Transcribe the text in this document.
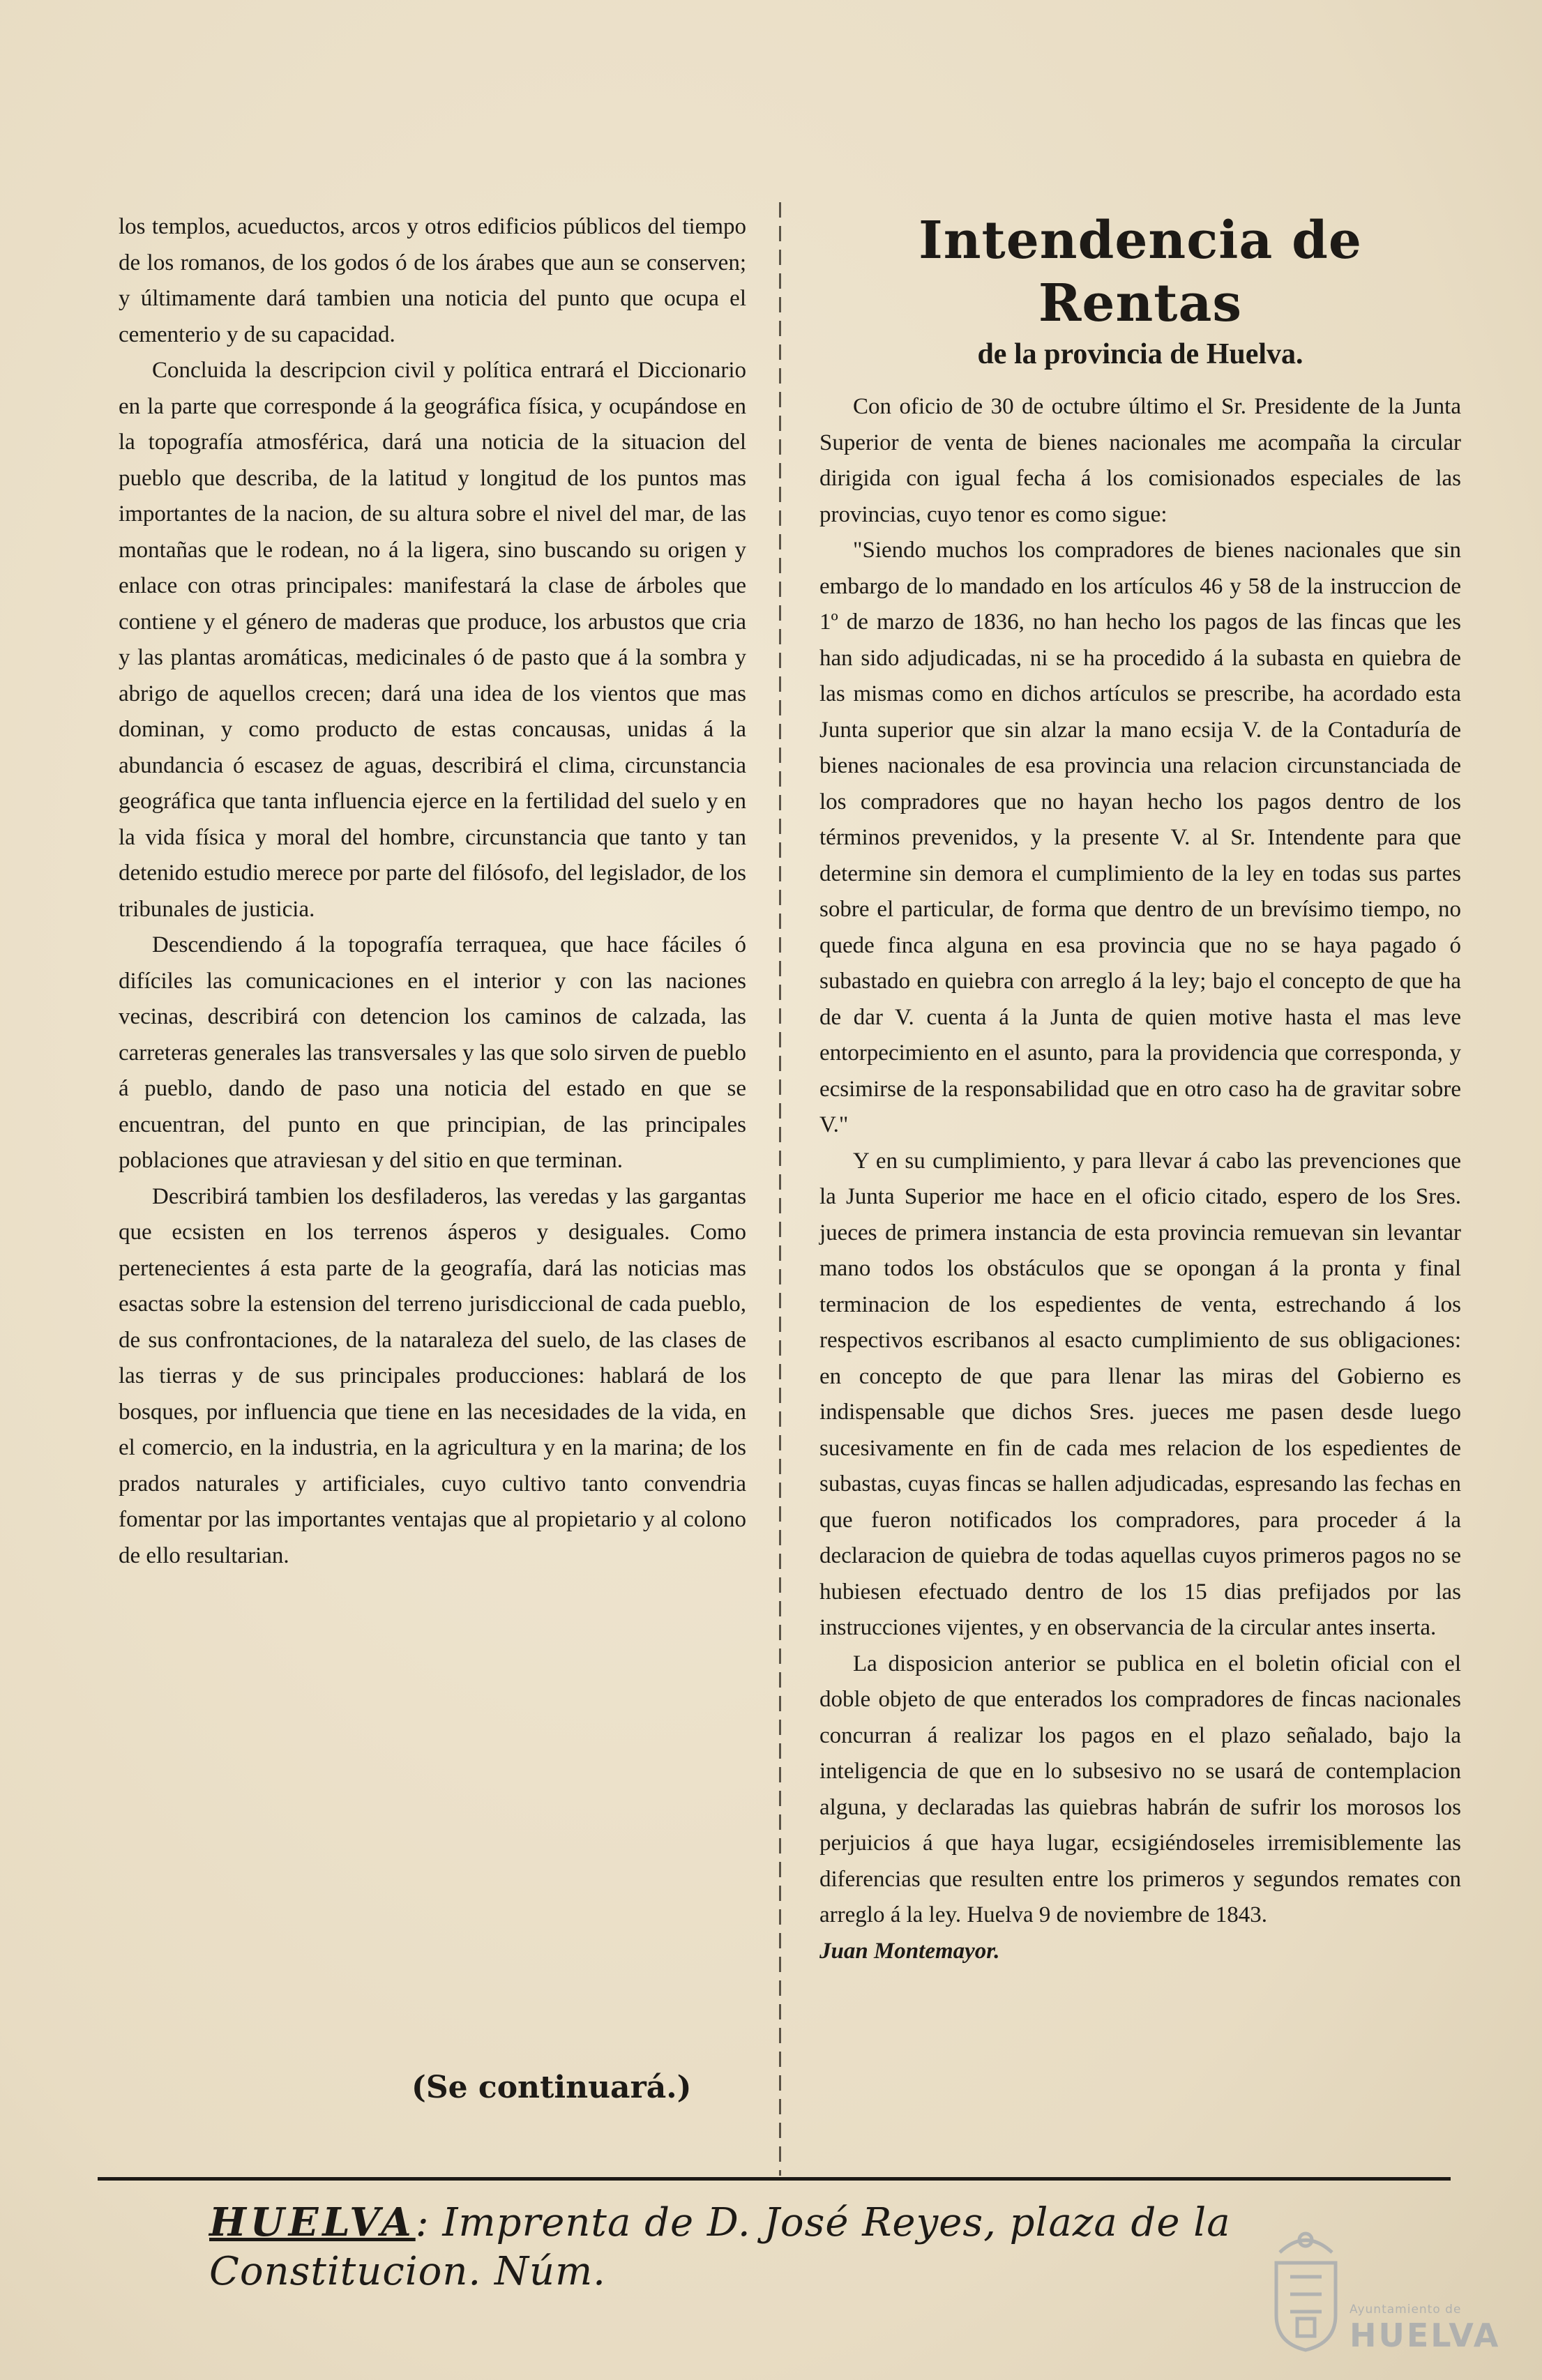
los templos, acueductos, arcos y otros edificios públicos del tiempo de los romanos, de los godos ó de los árabes que aun se conserven; y últimamente dará tambien una noticia del punto que ocupa el cementerio y de su capacidad.

Concluida la descripcion civil y política entrará el Diccionario en la parte que corresponde á la geográfica física, y ocupándose en la topografía atmosférica, dará una noticia de la situacion del pueblo que describa, de la latitud y longitud de los puntos mas importantes de la nacion, de su altura sobre el nivel del mar, de las montañas que le rodean, no á la ligera, sino buscando su origen y enlace con otras principales: manifestará la clase de árboles que contiene y el género de maderas que produce, los arbustos que cria y las plantas aromáticas, medicinales ó de pasto que á la sombra y abrigo de aquellos crecen; dará una idea de los vientos que mas dominan, y como producto de estas concausas, unidas á la abundancia ó escasez de aguas, describirá el clima, circunstancia geográfica que tanta influencia ejerce en la fertilidad del suelo y en la vida física y moral del hombre, circunstancia que tanto y tan detenido estudio merece por parte del filósofo, del legislador, de los tribunales de justicia.

Descendiendo á la topografía terraquea, que hace fáciles ó difíciles las comunicaciones en el interior y con las naciones vecinas, describirá con detencion los caminos de calzada, las carreteras generales las transversales y las que solo sirven de pueblo á pueblo, dando de paso una noticia del estado en que se encuentran, del punto en que principian, de las principales poblaciones que atraviesan y del sitio en que terminan.

Describirá tambien los desfiladeros, las veredas y las gargantas que ecsisten en los terrenos ásperos y desiguales. Como pertenecientes á esta parte de la geografía, dará las noticias mas esactas sobre la estension del terreno jurisdiccional de cada pueblo, de sus confrontaciones, de la nataraleza del suelo, de las clases de las tierras y de sus principales producciones: hablará de los bosques, por influencia que tiene en las necesidades de la vida, en el comercio, en la industria, en la agricultura y en la marina; de los prados naturales y artificiales, cuyo cultivo tanto convendria fomentar por las importantes ventajas que al propietario y al colono de ello resultarian.

(Se continuará.)
Intendencia de Rentas
de la provincia de Huelva.

Con oficio de 30 de octubre último el Sr. Presidente de la Junta Superior de venta de bienes nacionales me acompaña la circular dirigida con igual fecha á los comisionados especiales de las provincias, cuyo tenor es como sigue:

"Siendo muchos los compradores de bienes nacionales que sin embargo de lo mandado en los artículos 46 y 58 de la instruccion de 1º de marzo de 1836, no han hecho los pagos de las fincas que les han sido adjudicadas, ni se ha procedido á la subasta en quiebra de las mismas como en dichos artículos se prescribe, ha acordado esta Junta superior que sin alzar la mano ecsija V. de la Contaduría de bienes nacionales de esa provincia una relacion circunstanciada de los compradores que no hayan hecho los pagos dentro de los términos prevenidos, y la presente V. al Sr. Intendente para que determine sin demora el cumplimiento de la ley en todas sus partes sobre el particular, de forma que dentro de un brevísimo tiempo, no quede finca alguna en esa provincia que no se haya pagado ó subastado en quiebra con arreglo á la ley; bajo el concepto de que ha de dar V. cuenta á la Junta de quien motive hasta el mas leve entorpecimiento en el asunto, para la providencia que corresponda, y ecsimirse de la responsabilidad que en otro caso ha de gravitar sobre V."

Y en su cumplimiento, y para llevar á cabo las prevenciones que la Junta Superior me hace en el oficio citado, espero de los Sres. jueces de primera instancia de esta provincia remuevan sin levantar mano todos los obstáculos que se opongan á la pronta y final terminacion de los espedientes de venta, estrechando á los respectivos escribanos al esacto cumplimiento de sus obligaciones: en concepto de que para llenar las miras del Gobierno es indispensable que dichos Sres. jueces me pasen desde luego sucesivamente en fin de cada mes relacion de los espedientes de subastas, cuyas fincas se hallen adjudicadas, espresando las fechas en que fueron notificados los compradores, para proceder á la declaracion de quiebra de todas aquellas cuyos primeros pagos no se hubiesen efectuado dentro de los 15 dias prefijados por las instrucciones vijentes, y en observancia de la circular antes inserta.

La disposicion anterior se publica en el boletin oficial con el doble objeto de que enterados los compradores de fincas nacionales concurran á realizar los pagos en el plazo señalado, bajo la inteligencia de que en lo subsesivo no se usará de contemplacion alguna, y declaradas las quiebras habrán de sufrir los morosos los perjuicios á que haya lugar, ecsigiéndoseles irremisiblemente las diferencias que resulten entre los primeros y segundos remates con arreglo á la ley. Huelva 9 de noviembre de 1843.

Juan Montemayor.

HUELVA: Imprenta de D. José Reyes, plaza de la Constitucion. Núm.
Ayuntamiento de
HUELVA
